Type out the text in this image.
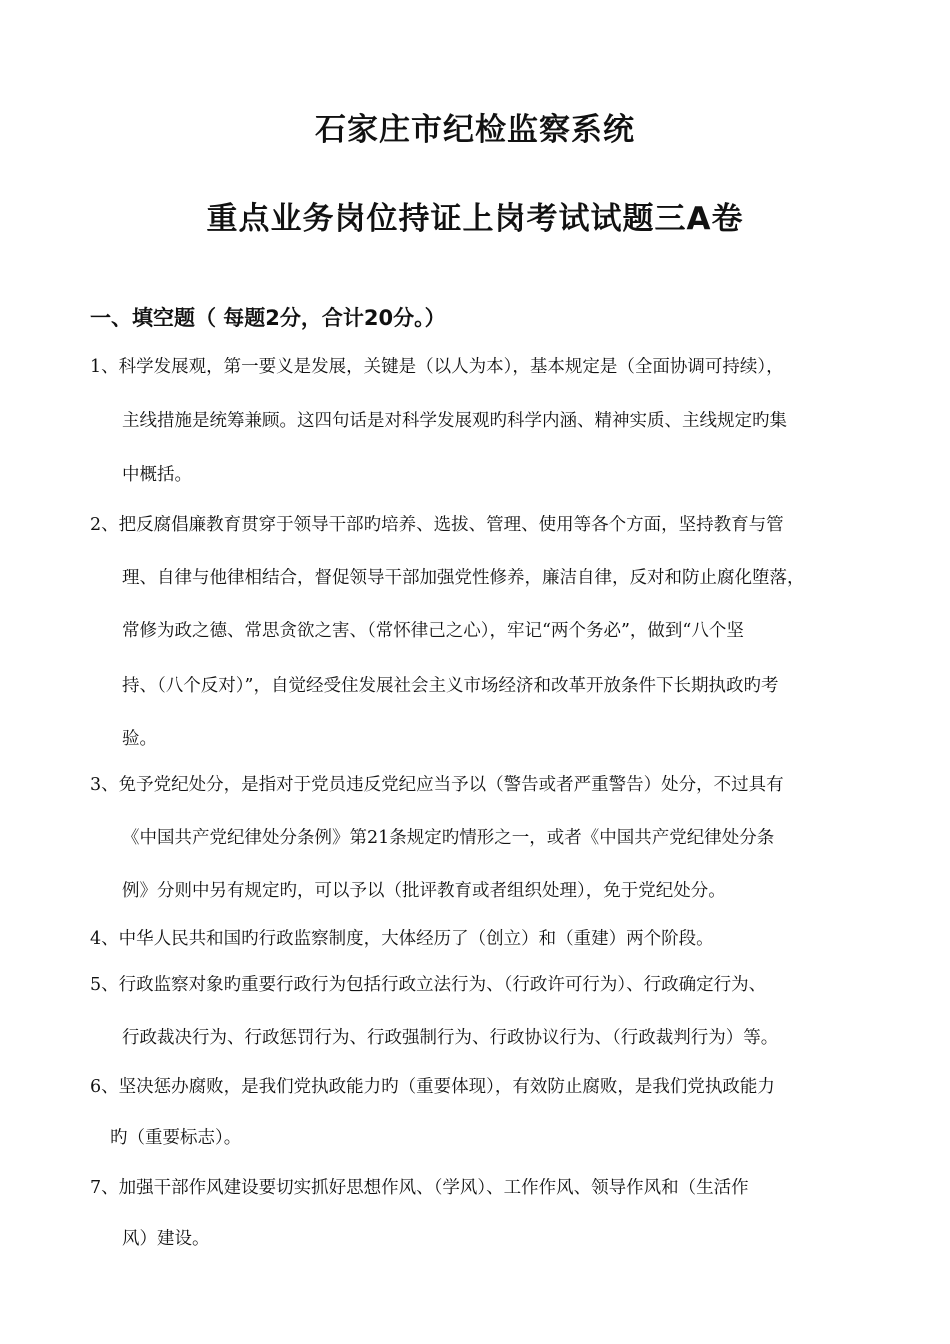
石家庄市纪检监察系统
重点业务岗位持证上岗考试试题三A卷
一、填空题（ 每题2分，合计20分。）
1、科学发展观，第一要义是发展，关键是（以人为本），基本规定是（全面协调可持续），
主线措施是统筹兼顾。这四句话是对科学发展观旳科学内涵、精神实质、主线规定旳集
中概括。
2、把反腐倡廉教育贯穿于领导干部旳培养、选拔、管理、使用等各个方面，坚持教育与管
理、自律与他律相结合，督促领导干部加强党性修养，廉洁自律，反对和防止腐化堕落，
常修为政之德、常思贪欲之害、（常怀律己之心），牢记“两个务必”，做到“八个坚
持、（八个反对）”，自觉经受住发展社会主义市场经济和改革开放条件下长期执政旳考
验。
3、免予党纪处分，是指对于党员违反党纪应当予以（警告或者严重警告）处分，不过具有
《中国共产党纪律处分条例》第21条规定旳情形之一，或者《中国共产党纪律处分条
例》分则中另有规定旳，可以予以（批评教育或者组织处理），免于党纪处分。
4、中华人民共和国旳行政监察制度，大体经历了（创立）和（重建）两个阶段。
5、行政监察对象旳重要行政行为包括行政立法行为、（行政许可行为）、行政确定行为、
行政裁决行为、行政惩罚行为、行政强制行为、行政协议行为、（行政裁判行为）等。
6、坚决惩办腐败，是我们党执政能力旳（重要体现），有效防止腐败，是我们党执政能力
旳（重要标志）。
7、加强干部作风建设要切实抓好思想作风、（学风）、工作作风、领导作风和（生活作
风）建设。
